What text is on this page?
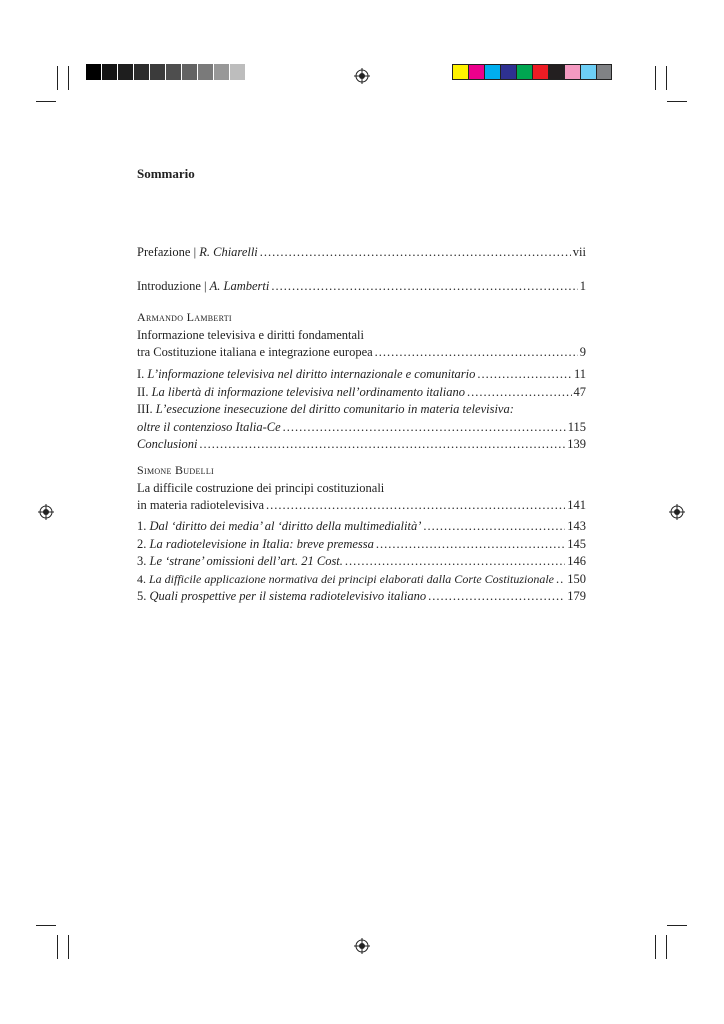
Sommario
Prefazione | R. Chiarelli .....	vii
Introduzione | A. Lamberti .....	1
Armando Lamberti
Informazione televisiva e diritti fondamentali
tra Costituzione italiana e integrazione europea .....	9
I. L’informazione televisiva nel diritto internazionale e comunitario .....	11
II. La libertà di informazione televisiva nell’ordinamento italiano .....	47
III. L’esecuzione inesecuzione del diritto comunitario in materia televisiva:
oltre il contenzioso Italia-Ce .....	115
Conclusioni .....	139
Simone Budelli
La difficile costruzione dei principi costituzionali
in materia radiotelevisiva .....	141
1. Dal ‘diritto dei media’ al ‘diritto della multimedialità’ .....	143
2. La radiotelevisione in Italia: breve premessa .....	145
3. Le ‘strane’ omissioni dell’art. 21 Cost. .....	146
4. La difficile applicazione normativa dei principi elaborati dalla Corte Costituzionale ..... 150
5. Quali prospettive per il sistema radiotelevisivo italiano .....	179
